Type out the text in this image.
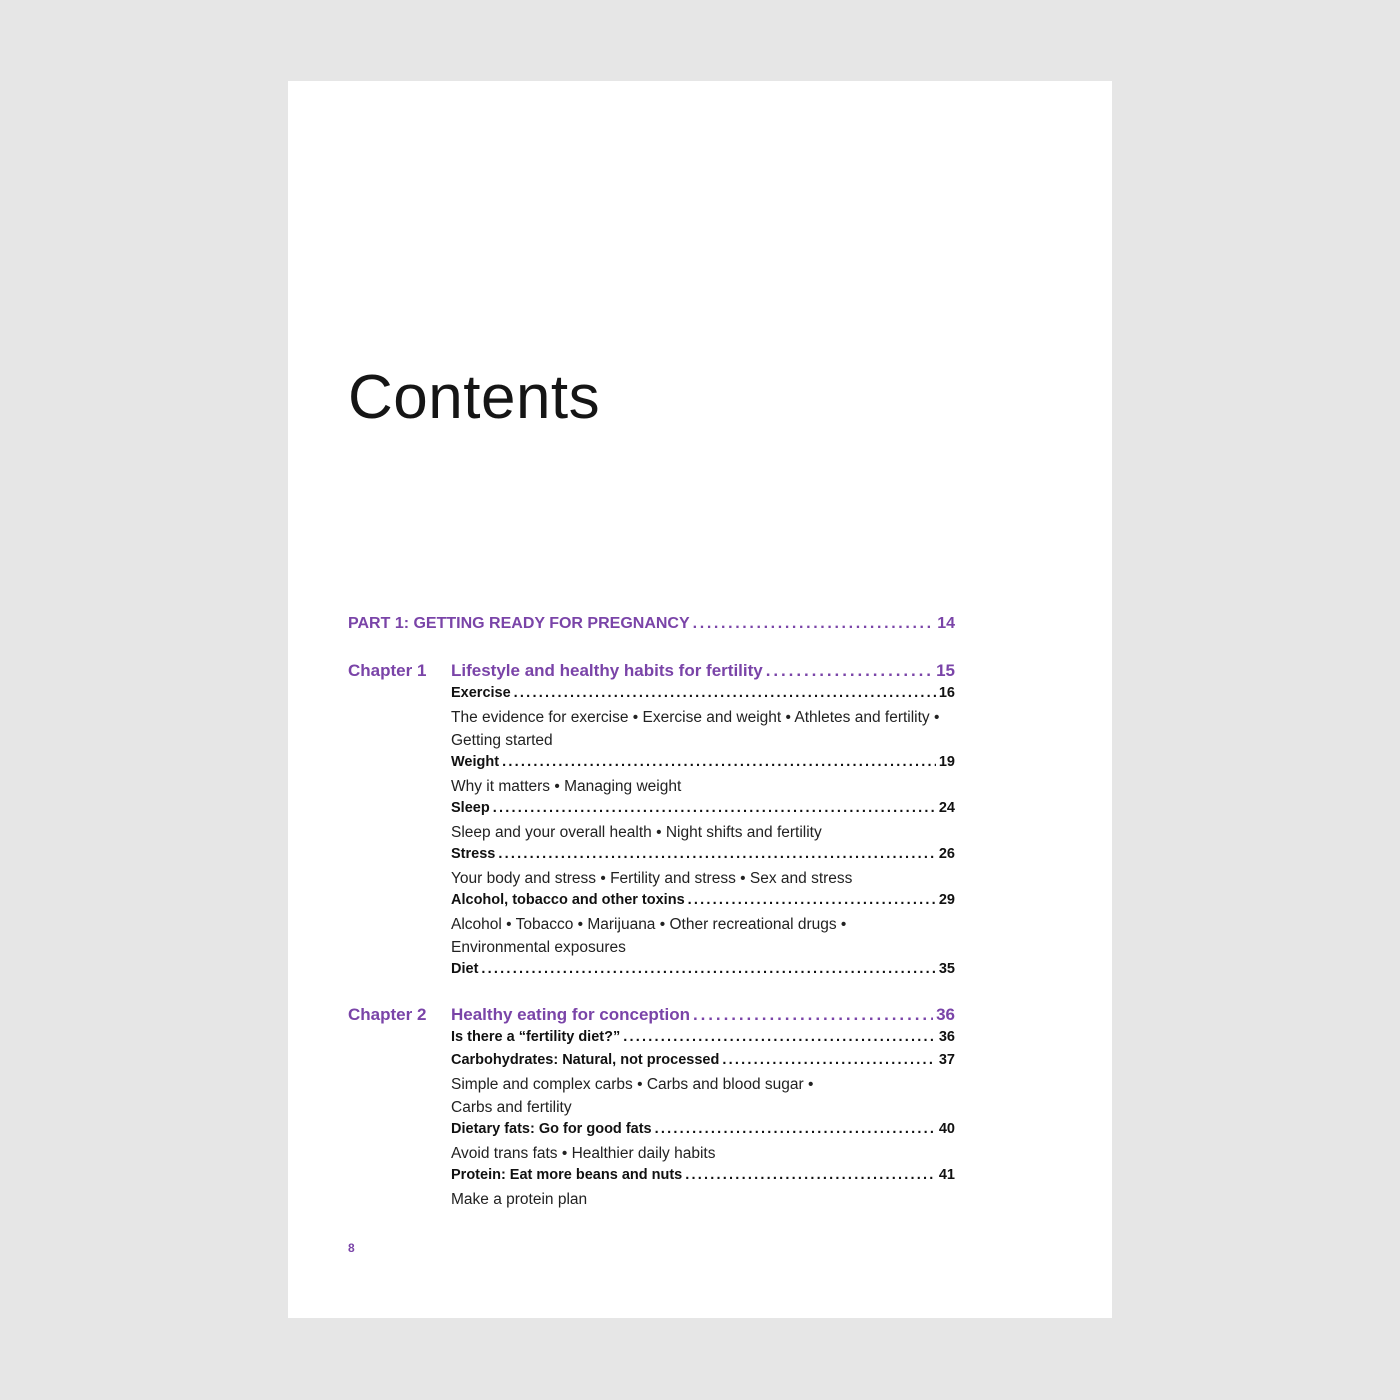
Contents
PART 1: GETTING READY FOR PREGNANCY . . .	14
Chapter 1 Lifestyle and healthy habits for fertility . . .	15
Exercise . . .	16
The evidence for exercise • Exercise and weight • Athletes and fertility •
Getting started
Weight . . .	19
Why it matters • Managing weight
Sleep . . .	24
Sleep and your overall health • Night shifts and fertility
Stress . . .	26
Your body and stress • Fertility and stress • Sex and stress
Alcohol, tobacco and other toxins . . .	29
Alcohol • Tobacco • Marijuana • Other recreational drugs •
Environmental exposures
Diet . . .	35
Chapter 2 Healthy eating for conception . . .	36
Is there a “fertility diet?” . . .	36
Carbohydrates: Natural, not processed . . .	37
Simple and complex carbs • Carbs and blood sugar •
Carbs and fertility
Dietary fats: Go for good fats . . .	40
Avoid trans fats • Healthier daily habits
Protein: Eat more beans and nuts . . .	41
Make a protein plan
8
